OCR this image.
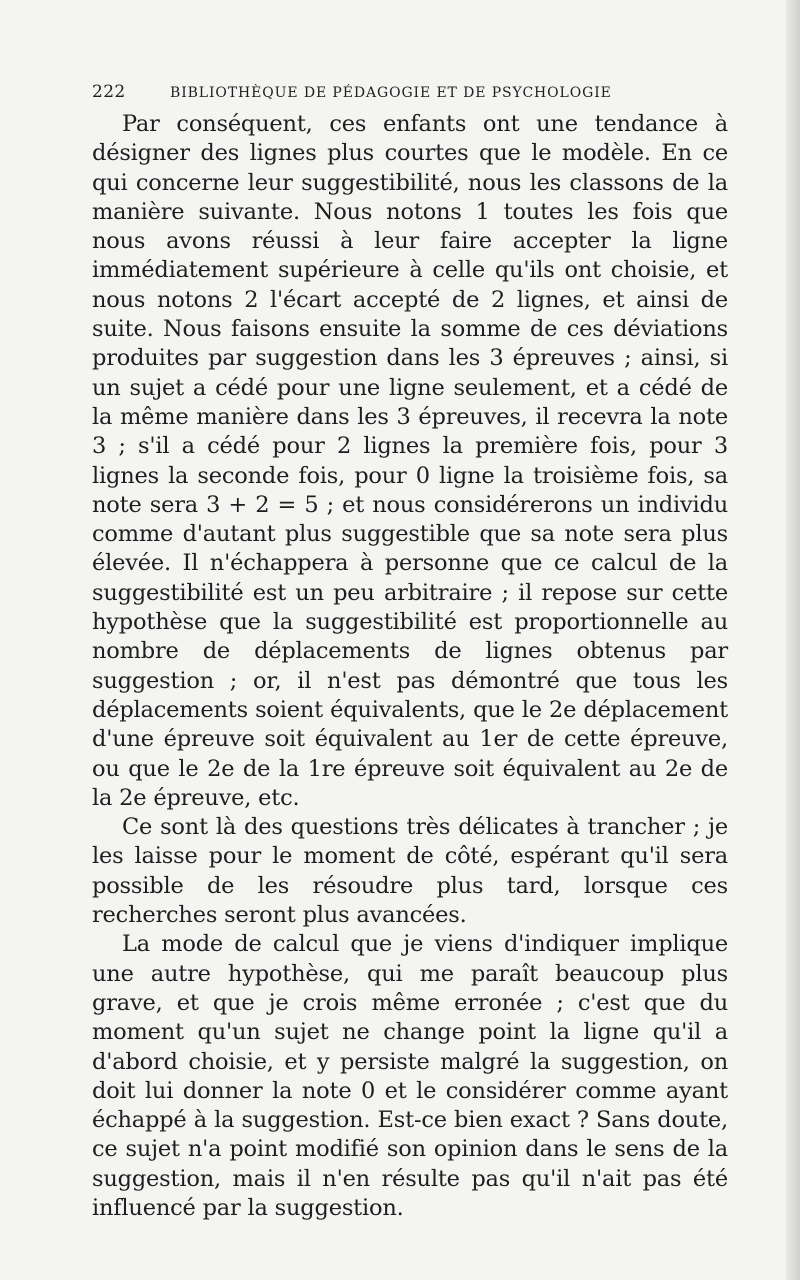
222	BIBLIOTHÈQUE DE PÉDAGOGIE ET DE PSYCHOLOGIE

Par conséquent, ces enfants ont une tendance à désigner des lignes plus courtes que le modèle. En ce qui concerne leur suggestibilité, nous les classons de la manière suivante. Nous notons 1 toutes les fois que nous avons réussi à leur faire accepter la ligne immédiatement supérieure à celle qu'ils ont choisie, et nous notons 2 l'écart accepté de 2 lignes, et ainsi de suite. Nous faisons ensuite la somme de ces déviations produites par suggestion dans les 3 épreuves ; ainsi, si un sujet a cédé pour une ligne seulement, et a cédé de la même manière dans les 3 épreuves, il recevra la note 3 ; s'il a cédé pour 2 lignes la première fois, pour 3 lignes la seconde fois, pour 0 ligne la troisième fois, sa note sera 3 + 2 = 5 ; et nous considérerons un individu comme d'autant plus suggestible que sa note sera plus élevée. Il n'échappera à personne que ce calcul de la suggestibilité est un peu arbitraire ; il repose sur cette hypothèse que la suggestibilité est proportionnelle au nombre de déplacements de lignes obtenus par suggestion ; or, il n'est pas démontré que tous les déplacements soient équivalents, que le 2e déplacement d'une épreuve soit équivalent au 1er de cette épreuve, ou que le 2e de la 1re épreuve soit équivalent au 2e de la 2e épreuve, etc.

Ce sont là des questions très délicates à trancher ; je les laisse pour le moment de côté, espérant qu'il sera possible de les résoudre plus tard, lorsque ces recherches seront plus avancées.

La mode de calcul que je viens d'indiquer implique une autre hypothèse, qui me paraît beaucoup plus grave, et que je crois même erronée ; c'est que du moment qu'un sujet ne change point la ligne qu'il a d'abord choisie, et y persiste malgré la suggestion, on doit lui donner la note 0 et le considérer comme ayant échappé à la suggestion. Est-ce bien exact ? Sans doute, ce sujet n'a point modifié son opinion dans le sens de la suggestion, mais il n'en résulte pas qu'il n'ait pas été influencé par la suggestion.
